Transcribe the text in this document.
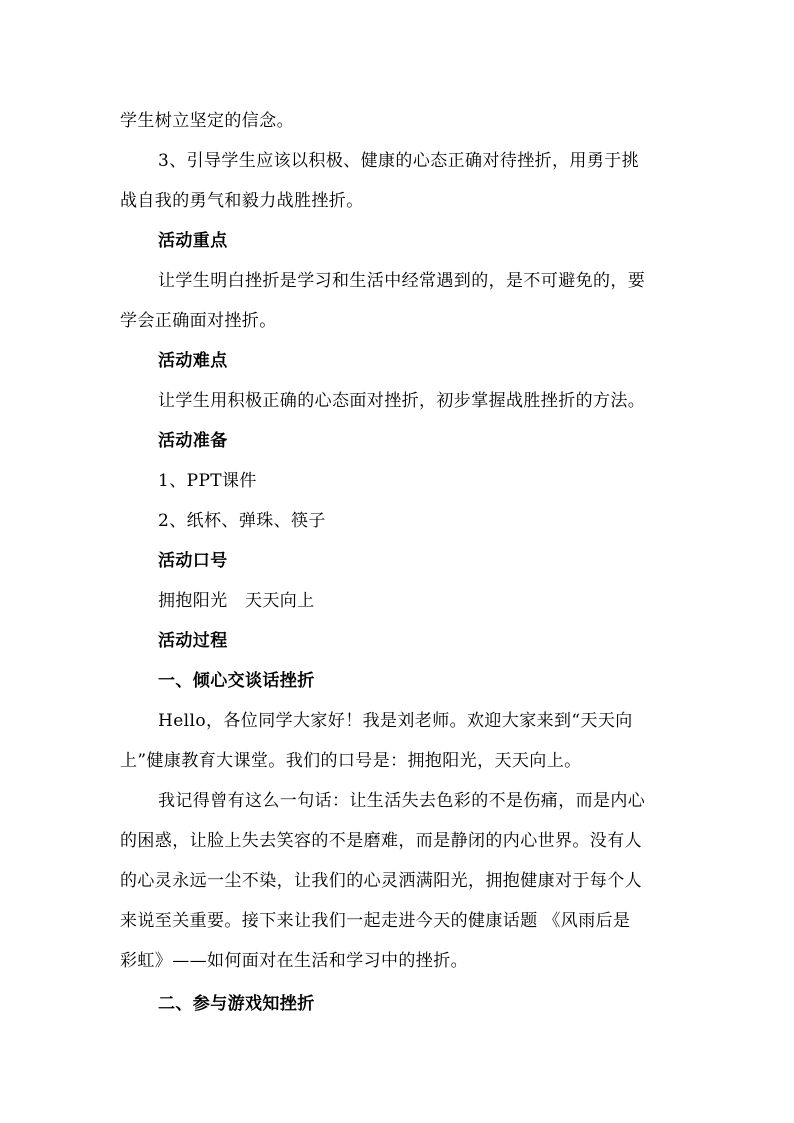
学生树立坚定的信念。
3、引导学生应该以积极、健康的心态正确对待挫折，用勇于挑
战自我的勇气和毅力战胜挫折。
活动重点
让学生明白挫折是学习和生活中经常遇到的，是不可避免的，要
学会正确面对挫折。
活动难点
让学生用积极正确的心态面对挫折，初步掌握战胜挫折的方法。
活动准备
1、PPT课件
2、纸杯、弹珠、筷子
活动口号
拥抱阳光　天天向上
活动过程
一、倾心交谈话挫折
Hello，各位同学大家好！我是刘老师。欢迎大家来到“天天向
上”健康教育大课堂。我们的口号是：拥抱阳光，天天向上。
我记得曾有这么一句话：让生活失去色彩的不是伤痛，而是内心
的困惑，让脸上失去笑容的不是磨难，而是静闭的内心世界。没有人
的心灵永远一尘不染，让我们的心灵洒满阳光，拥抱健康对于每个人
来说至关重要。接下来让我们一起走进今天的健康话题 《风雨后是
彩虹》——如何面对在生活和学习中的挫折。
二、参与游戏知挫折
